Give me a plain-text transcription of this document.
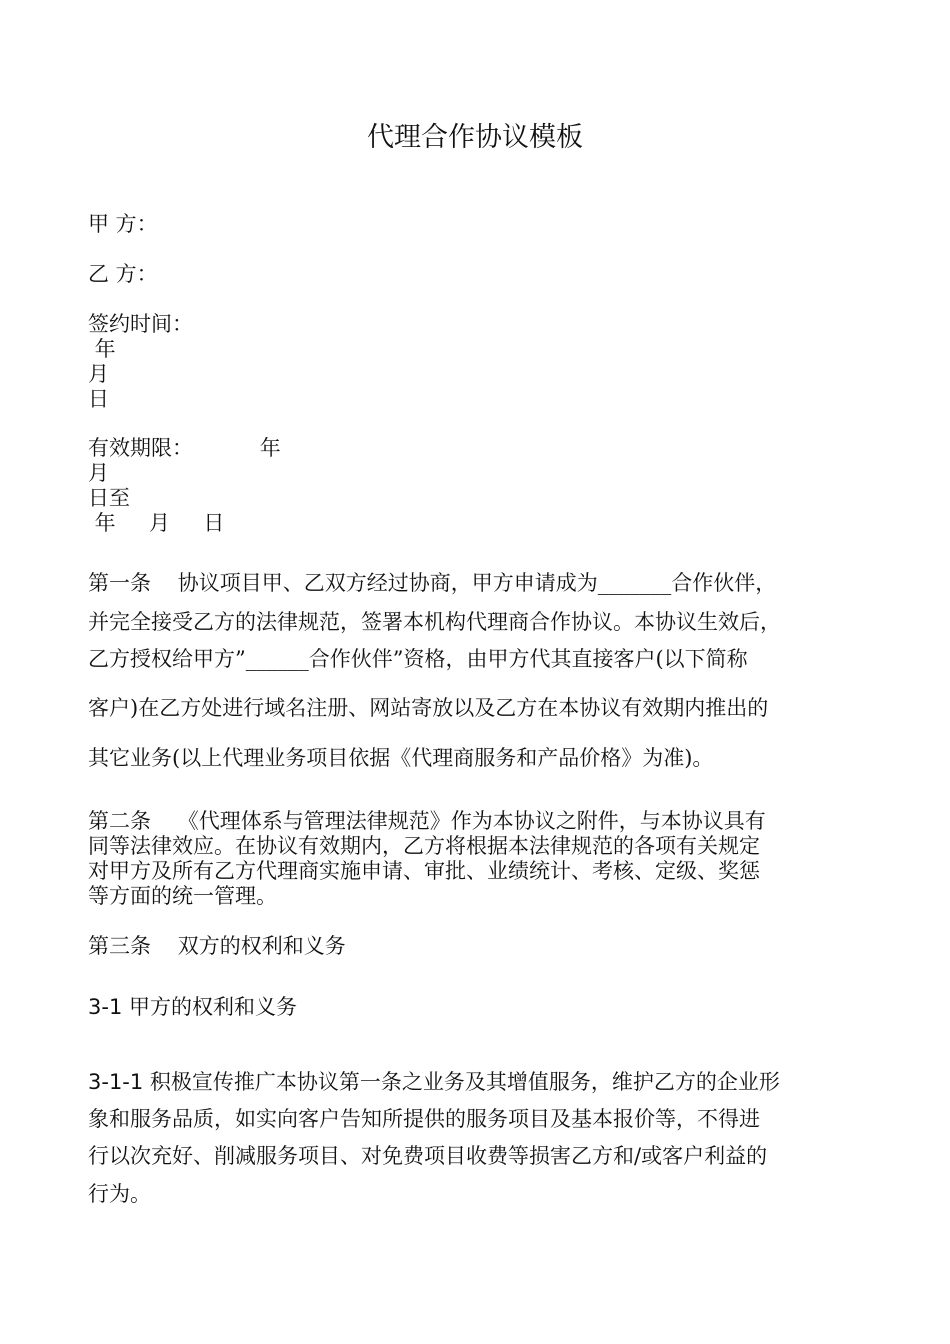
代理合作协议模板

甲 方：

乙 方：

签约时间：

年

月

日

有效期限：          年

月

日至

年     月     日

第一条    协议项目甲、乙双方经过协商，甲方申请成为_______合作伙伴，

并完全接受乙方的法律规范，签署本机构代理商合作协议。本协议生效后，

乙方授权给甲方”______合作伙伴”资格，由甲方代其直接客户(以下简称

客户)在乙方处进行域名注册、网站寄放以及乙方在本协议有效期内推出的

其它业务(以上代理业务项目依据《代理商服务和产品价格》为准)。

第二条    《代理体系与管理法律规范》作为本协议之附件，与本协议具有

同等法律效应。在协议有效期内，乙方将根据本法律规范的各项有关规定

对甲方及所有乙方代理商实施申请、审批、业绩统计、考核、定级、奖惩

等方面的统一管理。

第三条    双方的权利和义务

3-1 甲方的权利和义务

3-1-1 积极宣传推广本协议第一条之业务及其增值服务，维护乙方的企业形

象和服务品质，如实向客户告知所提供的服务项目及基本报价等，不得进

行以次充好、削减服务项目、对免费项目收费等损害乙方和/或客户利益的

行为。
